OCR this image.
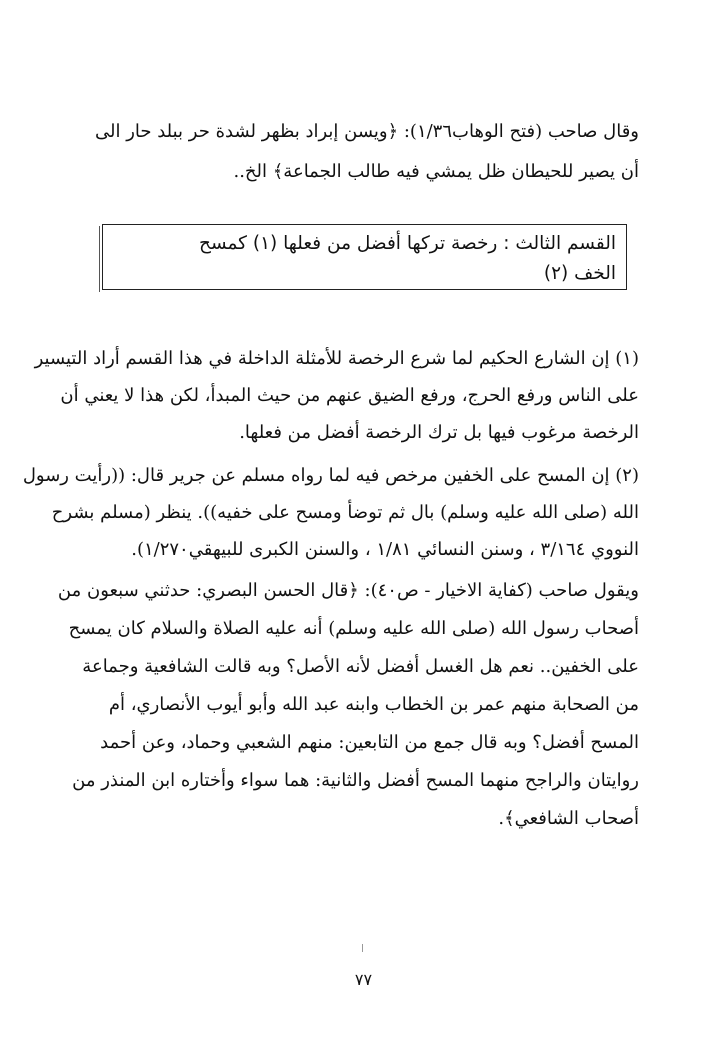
وقال صاحب (فتح الوهاب١/٣٦): ﴿ويسن إبراد بظهر لشدة حر ببلد حار الى
أن يصير للحيطان ظل يمشي فيه طالب الجماعة﴾ الخ..
القسم الثالث : رخصة تركها أفضل من فعلها (١) كمسح
الخف (٢)
(١) إن الشارع الحكيم لما شرع الرخصة للأمثلة الداخلة في هذا القسم أراد التيسير
على الناس ورفع الحرج، ورفع الضيق عنهم من حيث المبدأ، لكن هذا لا يعني أن
الرخصة مرغوب فيها بل ترك الرخصة أفضل من فعلها.
(٢) إن المسح على الخفين مرخص فيه لما رواه مسلم عن جرير قال: ((رأيت رسول
الله (صلى الله عليه وسلم) بال ثم توضأ ومسح على خفيه)). ينظر (مسلم بشرح
النووي ٣/١٦٤ ، وسنن النسائي ١/٨١ ، والسنن الكبرى للبيهقي١/٢٧٠).
ويقول صاحب (كفاية الاخيار - ص٤٠): ﴿قال الحسن البصري: حدثني سبعون من
أصحاب رسول الله (صلى الله عليه وسلم) أنه عليه الصلاة والسلام كان يمسح
على الخفين.. نعم هل الغسل أفضل لأنه الأصل؟ وبه قالت الشافعية وجماعة
من الصحابة منهم عمر بن الخطاب وابنه عبد الله وأبو أيوب الأنصاري، أم
المسح أفضل؟ وبه قال جمع من التابعين: منهم الشعبي وحماد، وعن أحمد
روايتان والراجح منهما المسح أفضل والثانية: هما سواء وأختاره ابن المنذر من
أصحاب الشافعي﴾.
٧٧
